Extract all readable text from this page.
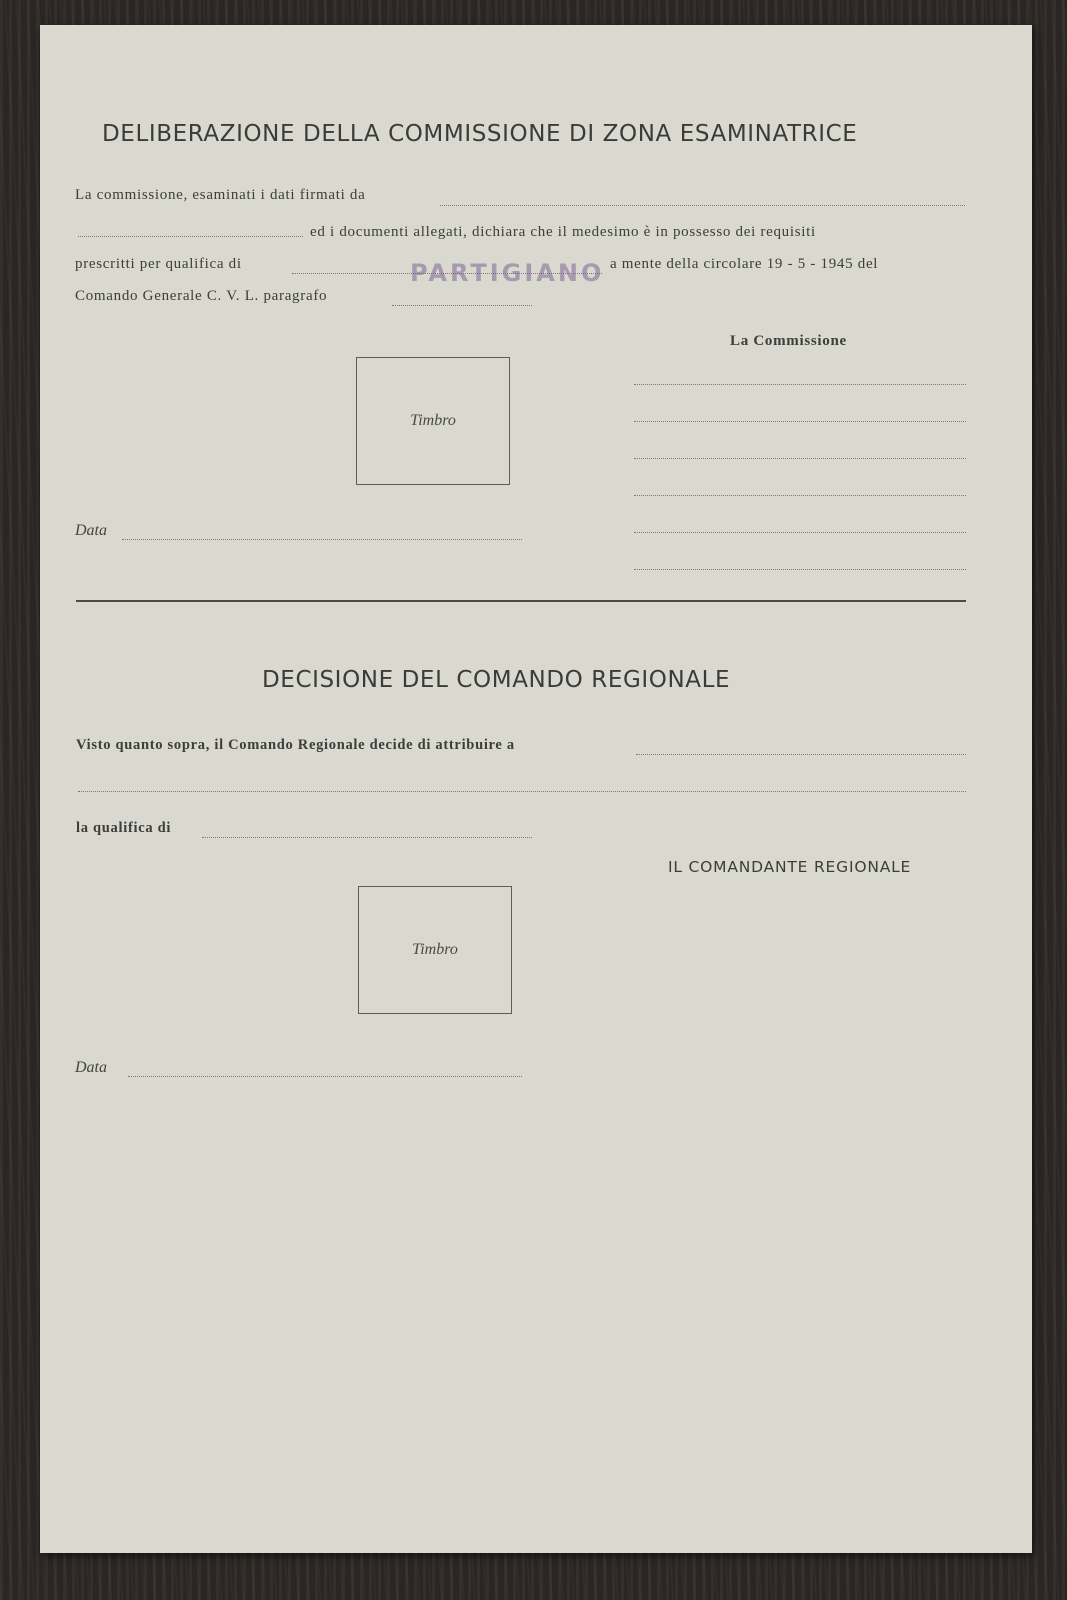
DELIBERAZIONE DELLA COMMISSIONE DI ZONA ESAMINATRICE
La commissione, esaminati i dati firmati da
ed i documenti allegati, dichiara che il medesimo è in possesso dei requisiti
prescritti per qualifica di	PARTIGIANO a mente della circolare 19 - 5 - 1945 del
Comando Generale C. V. L. paragrafo
La Commissione
Timbro
Data
DECISIONE DEL COMANDO REGIONALE
Visto quanto sopra, il Comando Regionale decide di attribuire a
la qualifica di
IL COMANDANTE REGIONALE
Timbro
Data
